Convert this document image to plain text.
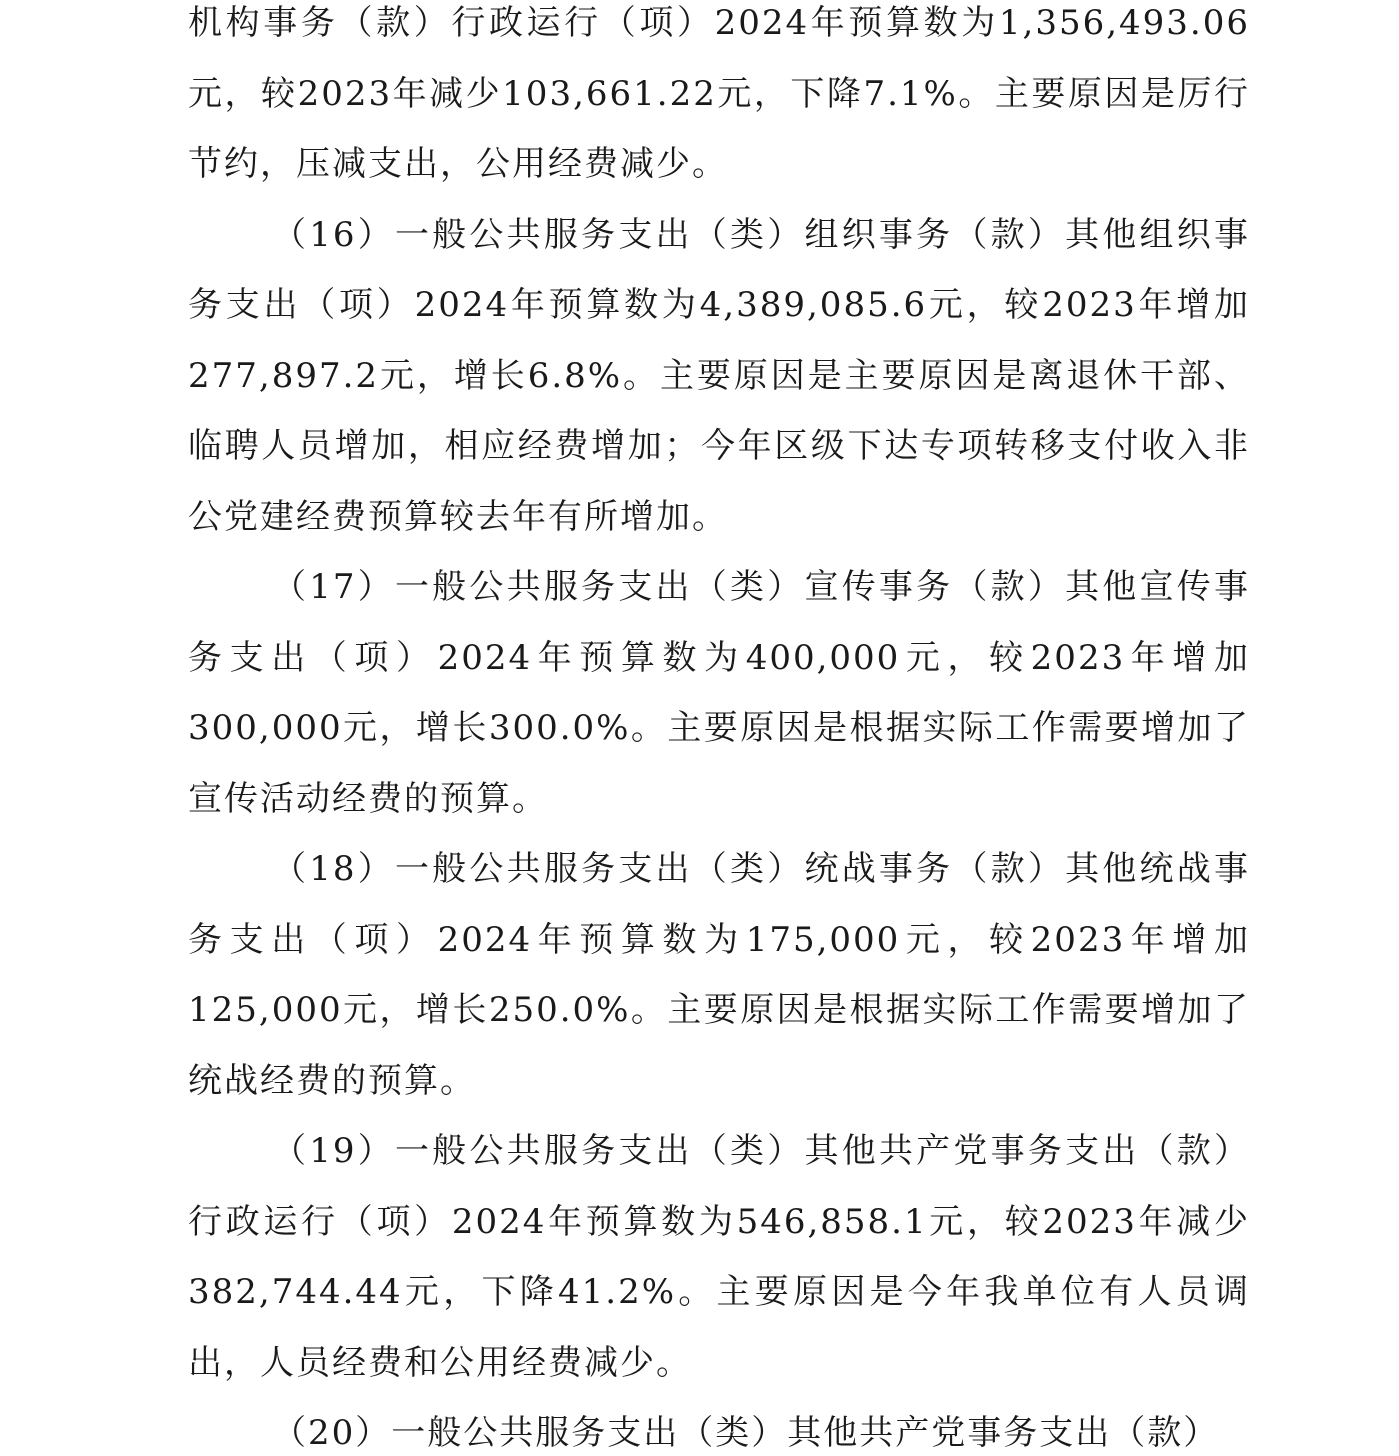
机构事务（款）行政运行（项）2024年预算数为1,356,493.06元，较2023年减少103,661.22元，下降7.1%。主要原因是厉行节约，压减支出，公用经费减少。

（16）一般公共服务支出（类）组织事务（款）其他组织事务支出（项）2024年预算数为4,389,085.6元，较2023年增加277,897.2元，增长6.8%。主要原因是主要原因是离退休干部、临聘人员增加，相应经费增加；今年区级下达专项转移支付收入非公党建经费预算较去年有所增加。

（17）一般公共服务支出（类）宣传事务（款）其他宣传事务支出（项）2024年预算数为400,000元，较2023年增加300,000元，增长300.0%。主要原因是根据实际工作需要增加了宣传活动经费的预算。

（18）一般公共服务支出（类）统战事务（款）其他统战事务支出（项）2024年预算数为175,000元，较2023年增加125,000元，增长250.0%。主要原因是根据实际工作需要增加了统战经费的预算。

（19）一般公共服务支出（类）其他共产党事务支出（款）行政运行（项）2024年预算数为546,858.1元，较2023年减少382,744.44元，下降41.2%。主要原因是今年我单位有人员调出，人员经费和公用经费减少。

（20）一般公共服务支出（类）其他共产党事务支出（款）
